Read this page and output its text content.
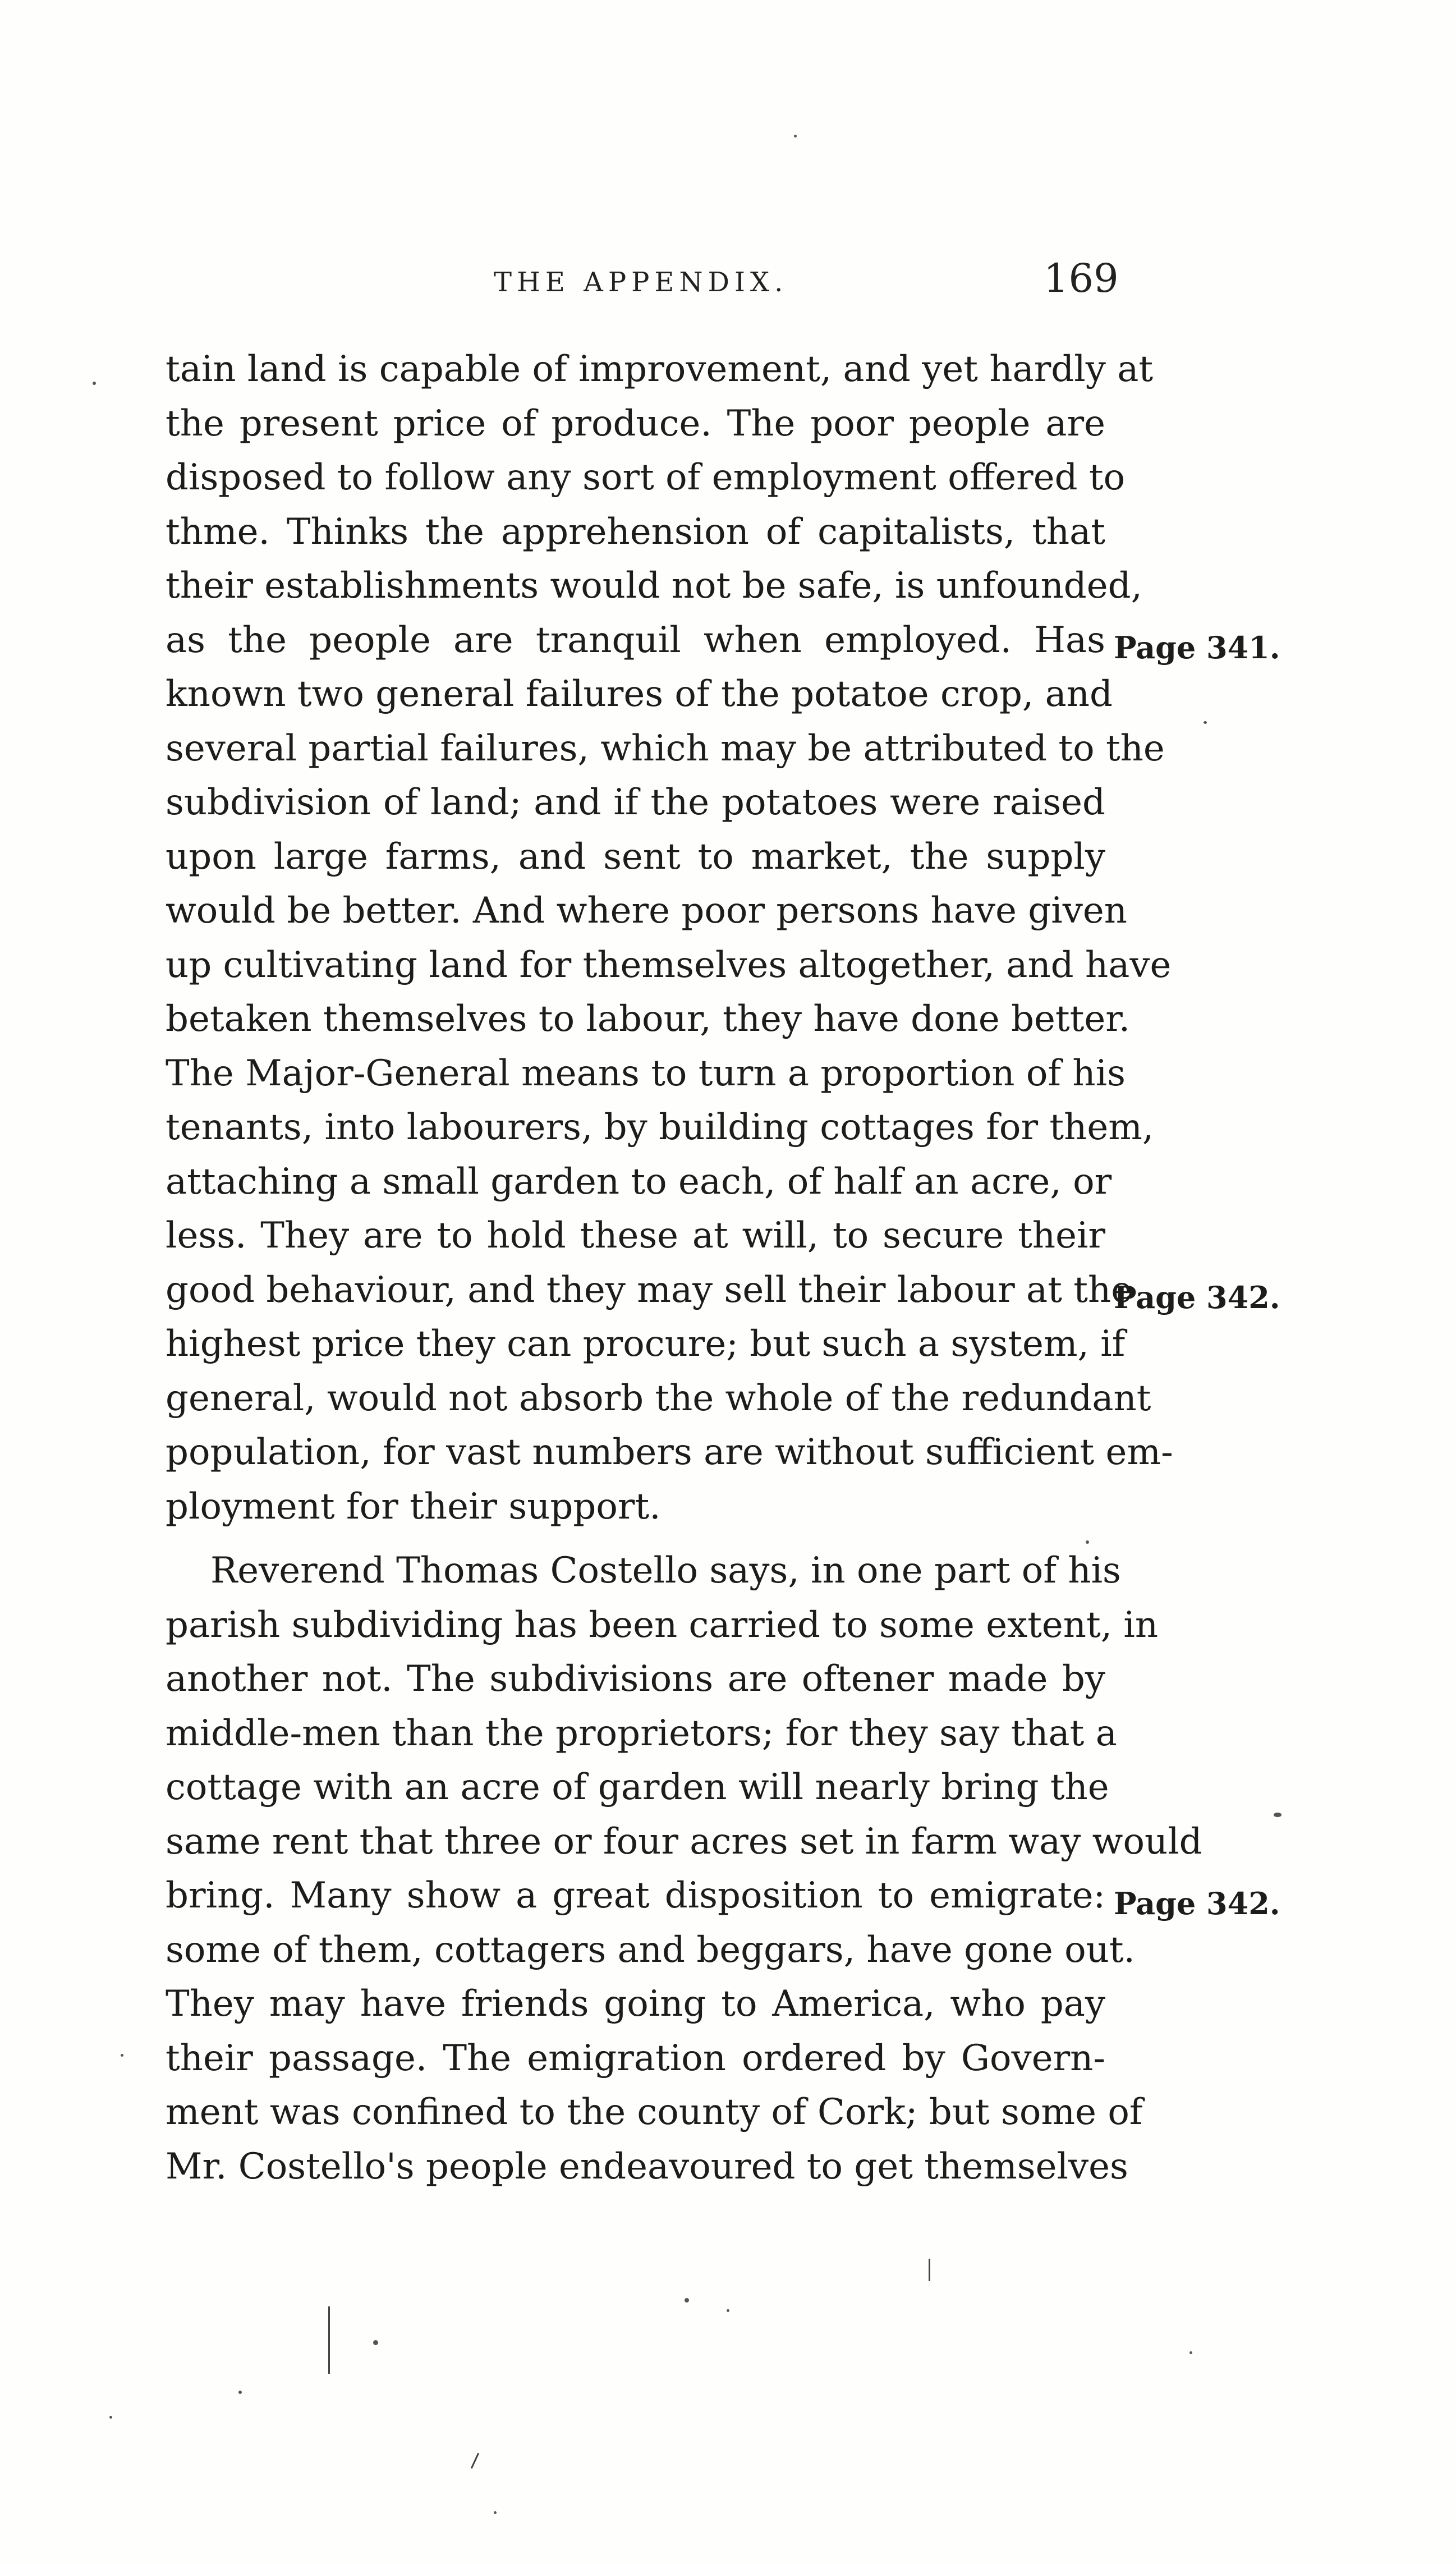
THE APPENDIX.	169
tain land is capable of improvement, and yet hardly at
the present price of produce. The poor people are
disposed to follow any sort of employment offered to
thme. Thinks the apprehension of capitalists, that
their establishments would not be safe, is unfounded,
as the people are tranquil when employed. Has
known two general failures of the potatoe crop, and
several partial failures, which may be attributed to the
subdivision of land; and if the potatoes were raised
upon large farms, and sent to market, the supply
would be better. And where poor persons have given
up cultivating land for themselves altogether, and have
betaken themselves to labour, they have done better.
The Major-General means to turn a proportion of his
tenants, into labourers, by building cottages for them,
attaching a small garden to each, of half an acre, or
less. They are to hold these at will, to secure their
good behaviour, and they may sell their labour at the
highest price they can procure; but such a system, if
general, would not absorb the whole of the redundant
population, for vast numbers are without sufficient em-
ployment for their support.
Reverend Thomas Costello says, in one part of his
parish subdividing has been carried to some extent, in
another not. The subdivisions are oftener made by
middle-men than the proprietors; for they say that a
cottage with an acre of garden will nearly bring the
same rent that three or four acres set in farm way would
bring. Many show a great disposition to emigrate:
some of them, cottagers and beggars, have gone out.
They may have friends going to America, who pay
their passage. The emigration ordered by Govern-
ment was confined to the county of Cork; but some of
Mr. Costello's people endeavoured to get themselves
Page 341.
Page 342.
Page 342.
